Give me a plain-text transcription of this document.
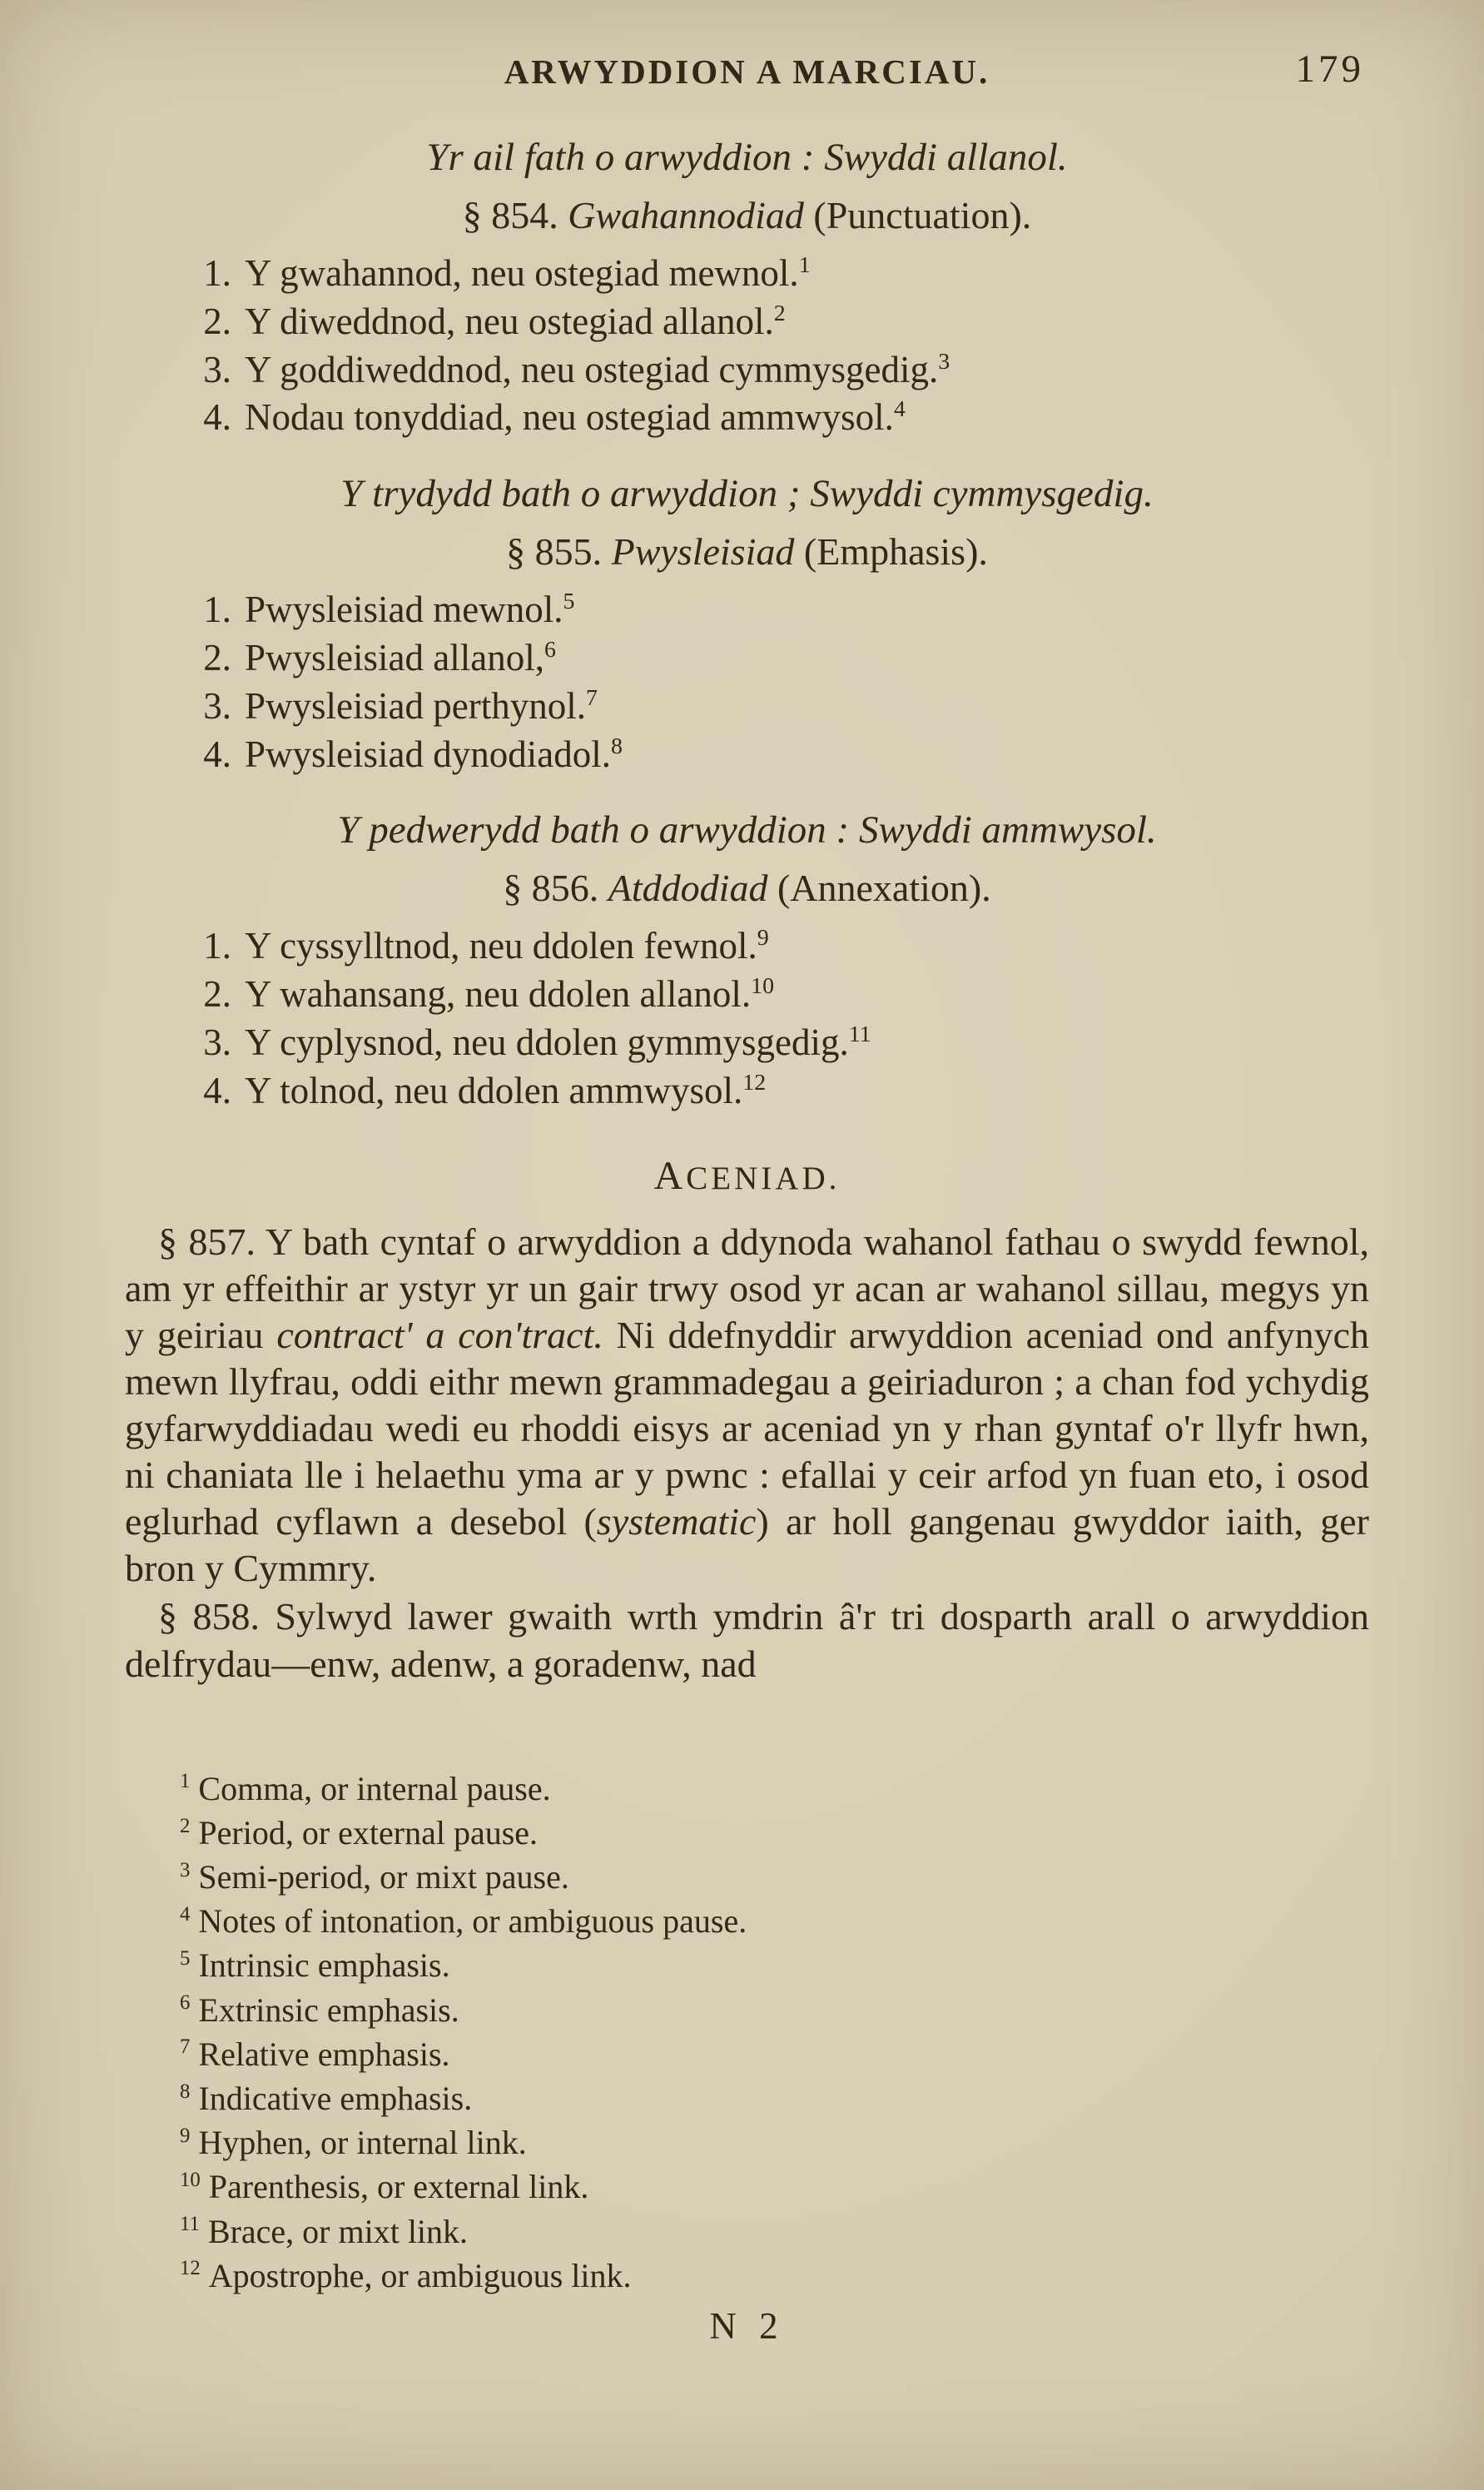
ARWYDDION A MARCIAU.	179
Yr ail fath o arwyddion : Swyddi allanol.
§ 854. Gwahannodiad (Punctuation).
1. Y gwahannod, neu ostegiad mewnol.$^1$
2. Y diweddnod, neu ostegiad allanol.$^2$
3. Y goddiweddnod, neu ostegiad cymmysgedig.$^3$
4. Nodau tonyddiad, neu ostegiad ammwysol.$^4$
Y trydydd bath o arwyddion ; Swyddi cymmysgedig.
§ 855. Pwysleisiad (Emphasis).
1. Pwysleisiad mewnol.$^5$
2. Pwysleisiad allanol,$^6$
3. Pwysleisiad perthynol.$^7$
4. Pwysleisiad dynodiadol.$^8$
Y pedwerydd bath o arwyddion : Swyddi ammwysol.
§ 856. Atddodiad (Annexation).
1. Y cyssylltnod, neu ddolen fewnol.$^9$
2. Y wahansang, neu ddolen allanol.$^{10}$
3. Y cyplysnod, neu ddolen gymmysgedig.$^{11}$
4. Y tolnod, neu ddolen ammwysol.$^{12}$
ACENIAD.

§ 857. Y bath cyntaf o arwyddion a ddynoda wahanol fathau o swydd fewnol, am yr effeithir ar ystyr yr un gair trwy osod yr acan ar wahanol sillau, megys yn y geiriau contract' a con'tract. Ni ddefnyddir arwyddion aceniad ond anfynych mewn llyfrau, oddi eithr mewn grammadegau a geiriaduron ; a chan fod ychydig gyfarwyddiadau wedi eu rhoddi eisys ar aceniad yn y rhan gyntaf o'r llyfr hwn, ni chaniata lle i helaethu yma ar y pwnc : efallai y ceir arfod yn fuan eto, i osod eglurhad cyflawn a desebol (systematic) ar holl gangenau gwyddor iaith, ger bron y Cymmry.

§ 858. Sylwyd lawer gwaith wrth ymdrin â'r tri dosparth arall o arwyddion delfrydau—enw, adenw, a goradenw, nad

$^1$ Comma, or internal pause.
$^2$ Period, or external pause.
$^3$ Semi-period, or mixt pause.
$^4$ Notes of intonation, or ambiguous pause.
$^5$ Intrinsic emphasis.
$^6$ Extrinsic emphasis.
$^7$ Relative emphasis.
$^8$ Indicative emphasis.
$^9$ Hyphen, or internal link.
$^{10}$ Parenthesis, or external link.
$^{11}$ Brace, or mixt link.
$^{12}$ Apostrophe, or ambiguous link.
N 2
